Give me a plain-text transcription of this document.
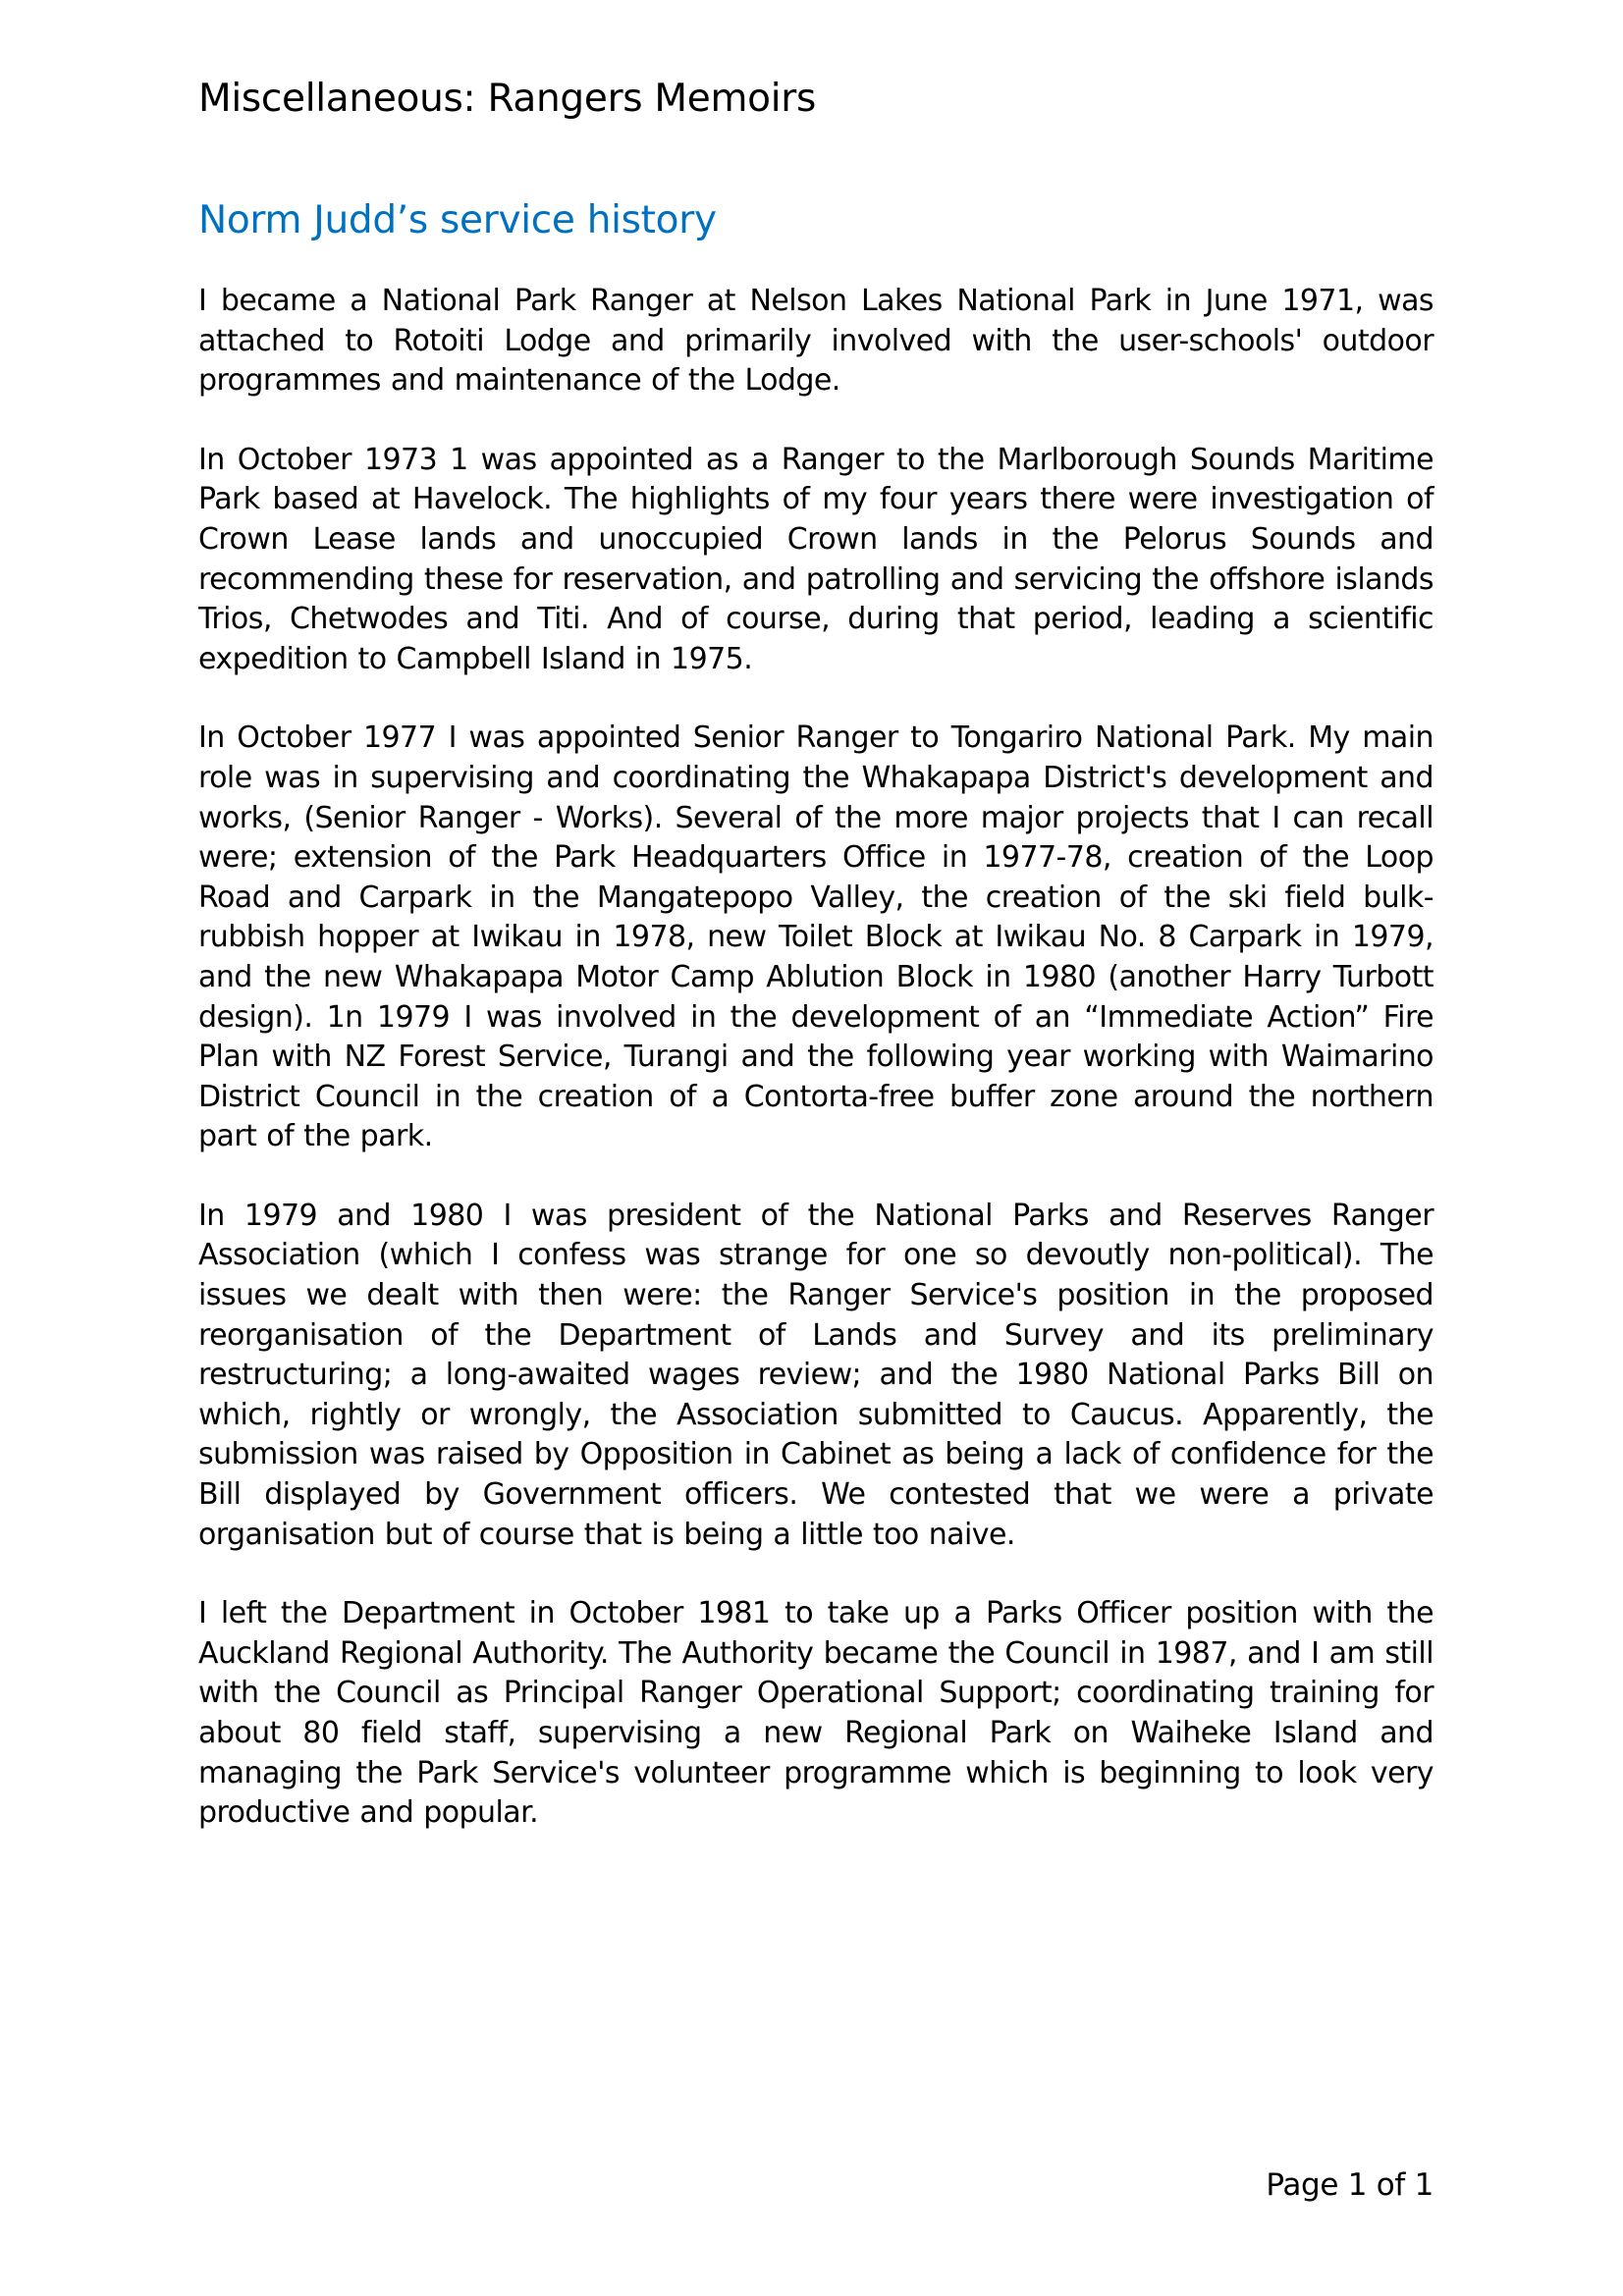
Miscellaneous: Rangers Memoirs
Norm Judd’s service history

I became a National Park Ranger at Nelson Lakes National Park in June 1971, was attached to Rotoiti Lodge and primarily involved with the user-schools' outdoor programmes and maintenance of the Lodge.

In October 1973 1 was appointed as a Ranger to the Marlborough Sounds Maritime Park based at Havelock. The highlights of my four years there were investigation of Crown Lease lands and unoccupied Crown lands in the Pelorus Sounds and recommending these for reservation, and patrolling and servicing the offshore islands Trios, Chetwodes and Titi. And of course, during that period, leading a scientific expedition to Campbell Island in 1975.

In October 1977 I was appointed Senior Ranger to Tongariro National Park. My main role was in supervising and coordinating the Whakapapa District's development and works, (Senior Ranger - Works). Several of the more major projects that I can recall were; extension of the Park Headquarters Office in 1977-78, creation of the Loop Road and Carpark in the Mangatepopo Valley, the creation of the ski field bulk-rubbish hopper at Iwikau in 1978, new Toilet Block at Iwikau No. 8 Carpark in 1979, and the new Whakapapa Motor Camp Ablution Block in 1980 (another Harry Turbott design). 1n 1979 I was involved in the development of an “Immediate Action” Fire Plan with NZ Forest Service, Turangi and the following year working with Waimarino District Council in the creation of a Contorta-free buffer zone around the northern part of the park.

In 1979 and 1980 I was president of the National Parks and Reserves Ranger Association (which I confess was strange for one so devoutly non-political). The issues we dealt with then were: the Ranger Service's position in the proposed reorganisation of the Department of Lands and Survey and its preliminary restructuring; a long-awaited wages review; and the 1980 National Parks Bill on which, rightly or wrongly, the Association submitted to Caucus. Apparently, the submission was raised by Opposition in Cabinet as being a lack of confidence for the Bill displayed by Government officers. We contested that we were a private organisation but of course that is being a little too naive.

I left the Department in October 1981 to take up a Parks Officer position with the Auckland Regional Authority. The Authority became the Council in 1987, and I am still with the Council as Principal Ranger Operational Support; coordinating training for about 80 field staff, supervising a new Regional Park on Waiheke Island and managing the Park Service's volunteer programme which is beginning to look very productive and popular.

Page 1 of 1
